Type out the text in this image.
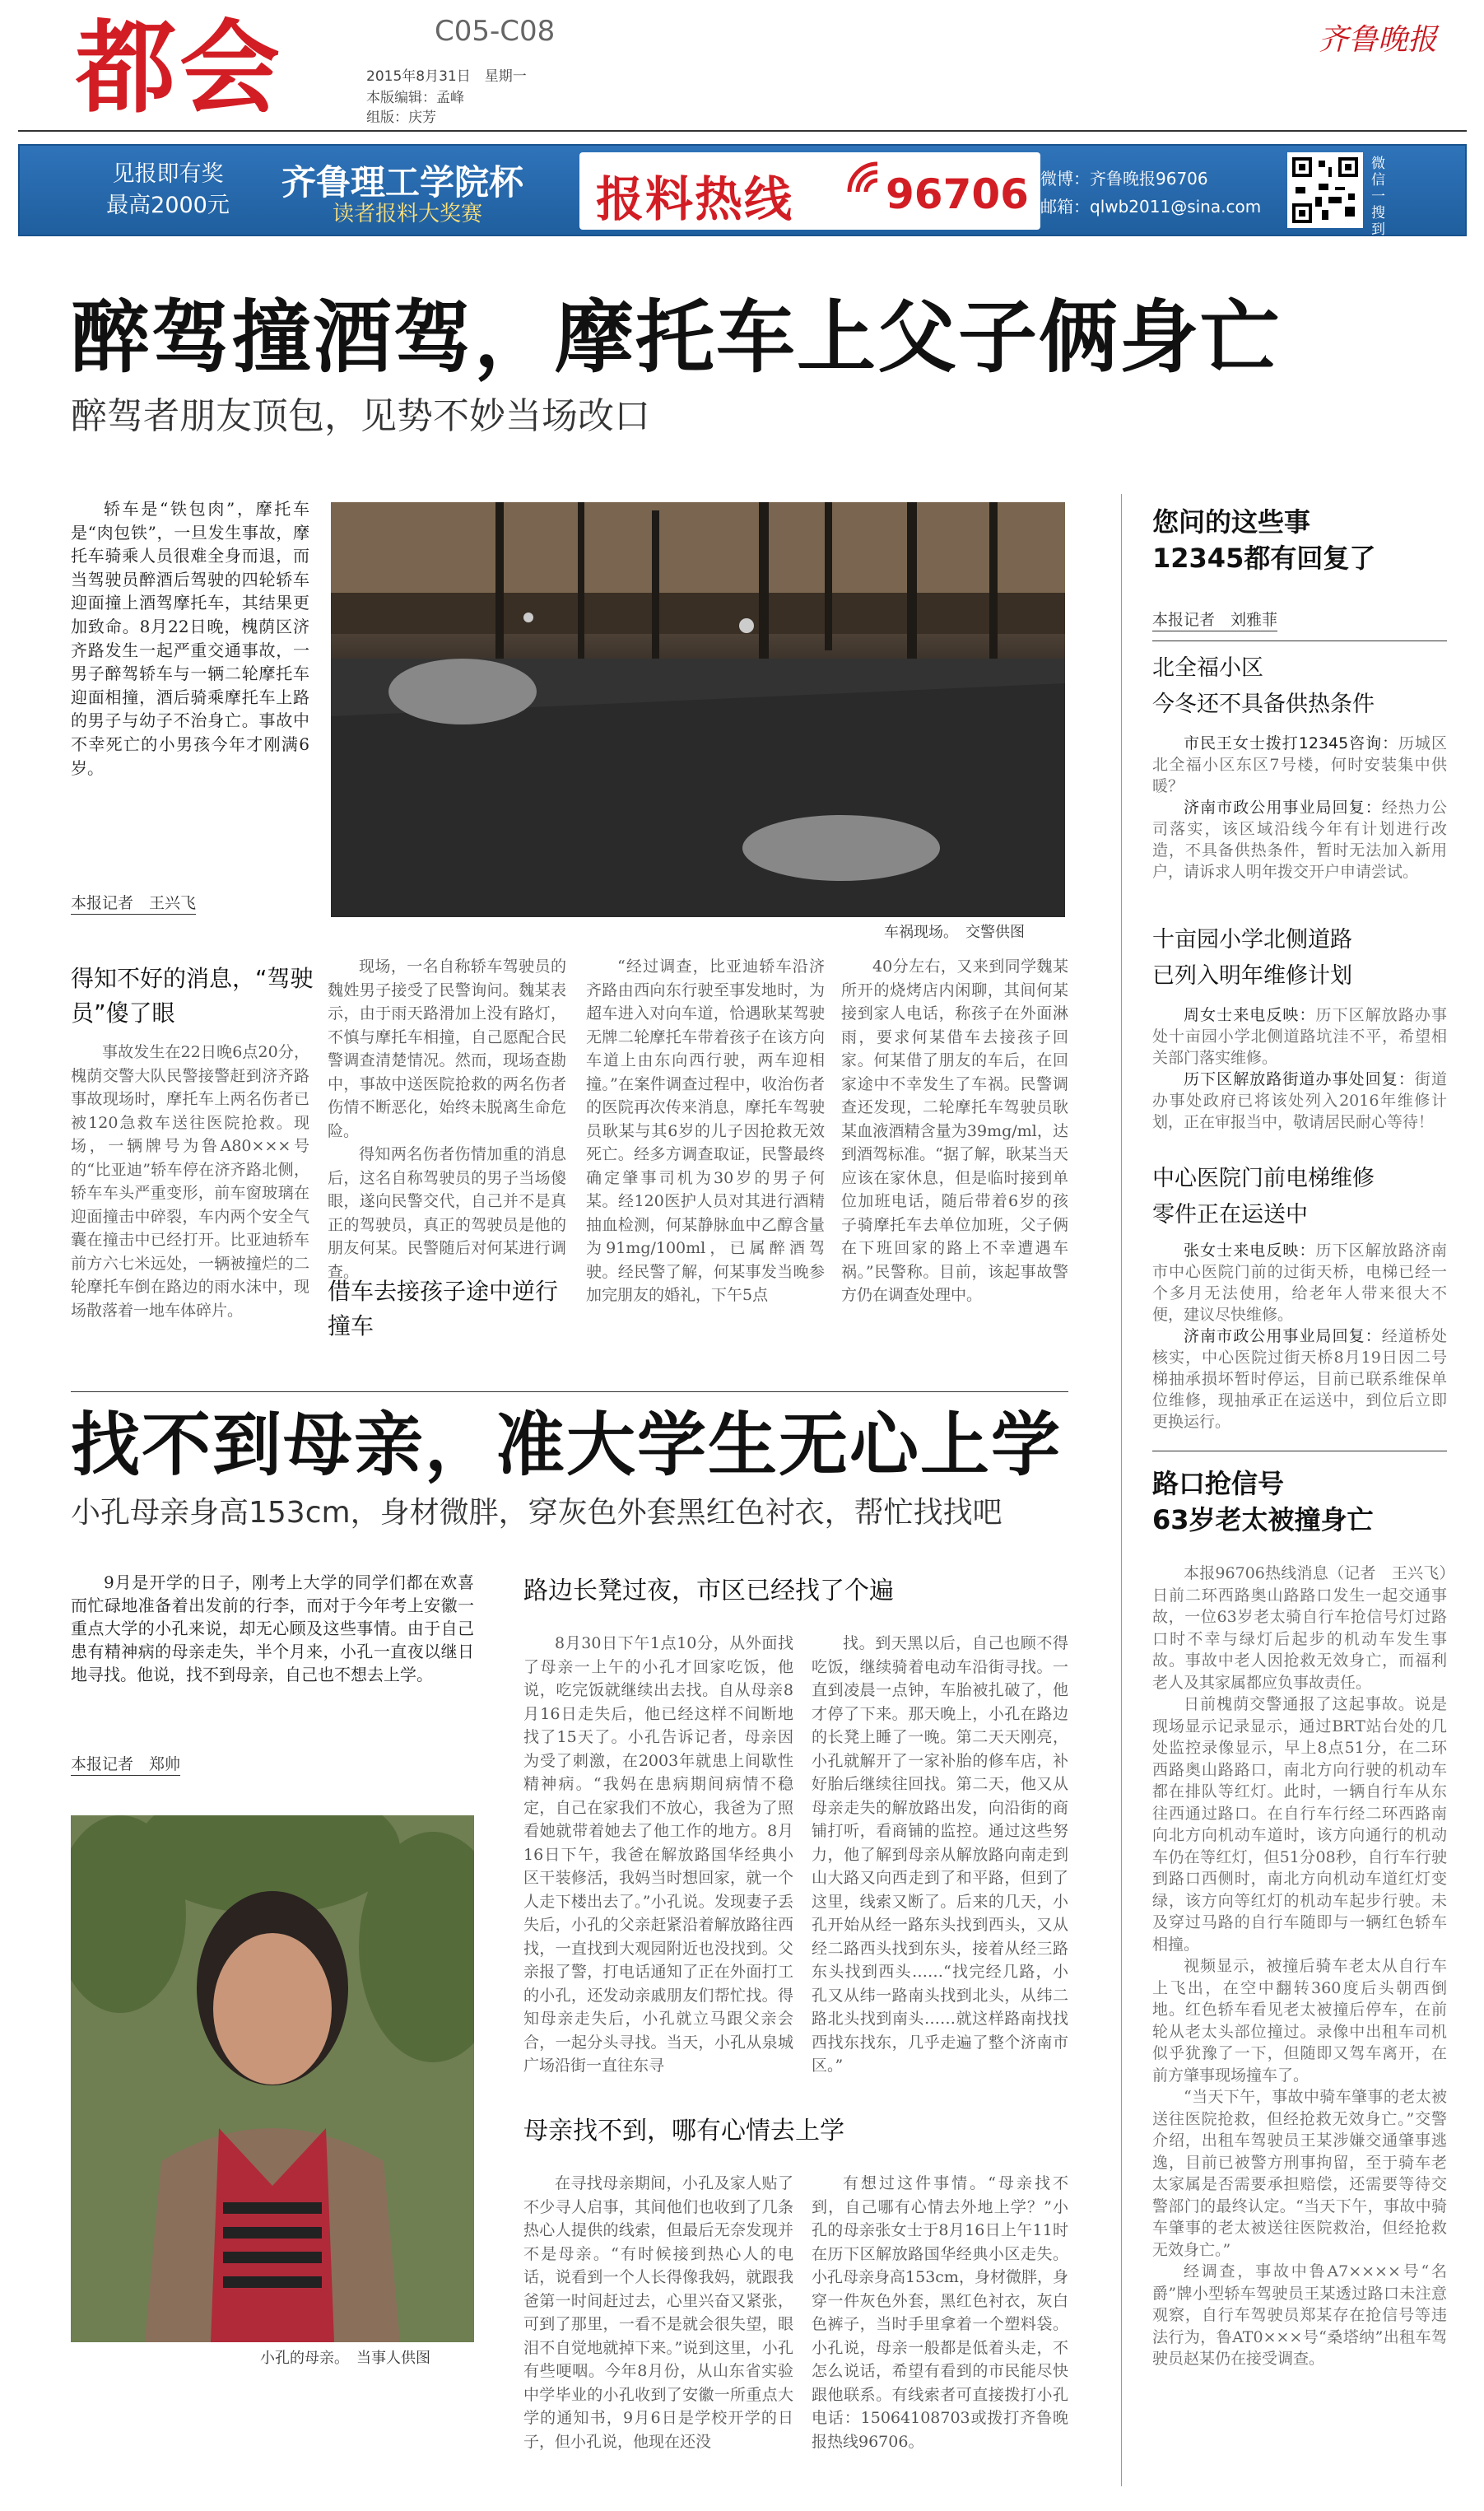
都会	C05-C08
2015年8月31日　星期一
本版编辑：孟峰
组版：庆芳
齐鲁晚报
见报即有奖
最高2000元
齐鲁理工学院杯
读者报料大奖赛 报料热线 96706 微博：齐鲁晚报96706
邮箱：qlwb2011@sina.com
微信一搜到
醉驾撞酒驾，摩托车上父子俩身亡
醉驾者朋友顶包，见势不妙当场改口

轿车是“铁包肉”，摩托车是“肉包铁”，一旦发生事故，摩托车骑乘人员很难全身而退，而当驾驶员醉酒后驾驶的四轮轿车迎面撞上酒驾摩托车，其结果更加致命。8月22日晚，槐荫区济齐路发生一起严重交通事故，一男子醉驾轿车与一辆二轮摩托车迎面相撞，酒后骑乘摩托车上路的男子与幼子不治身亡。事故中不幸死亡的小男孩今年才刚满6岁。

本报记者　王兴飞
车祸现场。　交警供图
得知不好的消息，“驾驶员”傻了眼

事故发生在22日晚6点20分，槐荫交警大队民警接警赶到济齐路事故现场时，摩托车上两名伤者已被120急救车送往医院抢救。现场，一辆牌号为鲁A80×××号的“比亚迪”轿车停在济齐路北侧，轿车车头严重变形，前车窗玻璃在迎面撞击中碎裂，车内两个安全气囊在撞击中已经打开。比亚迪轿车前方六七米远处，一辆被撞烂的二轮摩托车倒在路边的雨水沫中，现场散落着一地车体碎片。

现场，一名自称轿车驾驶员的魏姓男子接受了民警询问。魏某表示，由于雨天路滑加上没有路灯，不慎与摩托车相撞，自己愿配合民警调查清楚情况。然而，现场查勘中，事故中送医院抢救的两名伤者伤情不断恶化，始终未脱离生命危险。

得知两名伤者伤情加重的消息后，这名自称驾驶员的男子当场傻眼，遂向民警交代，自己并不是真正的驾驶员，真正的驾驶员是他的朋友何某。民警随后对何某进行调查。

借车去接孩子途中逆行撞车

“经过调查，比亚迪轿车沿济齐路由西向东行驶至事发地时，为超车进入对向车道，恰遇耿某驾驶无牌二轮摩托车带着孩子在该方向车道上由东向西行驶，两车迎相撞。”在案件调查过程中，收治伤者的医院再次传来消息，摩托车驾驶员耿某与其6岁的儿子因抢救无效死亡。经多方调查取证，民警最终确定肇事司机为30岁的男子何某。经120医护人员对其进行酒精抽血检测，何某静脉血中乙醇含量为91mg/100ml，已属醉酒驾驶。经民警了解，何某事发当晚参加完朋友的婚礼，下午5点

40分左右，又来到同学魏某所开的烧烤店内闲聊，其间何某接到家人电话，称孩子在外面淋雨，要求何某借车去接孩子回家。何某借了朋友的车后，在回家途中不幸发生了车祸。民警调查还发现，二轮摩托车驾驶员耿某血液酒精含量为39mg/ml，达到酒驾标准。“据了解，耿某当天应该在家休息，但是临时接到单位加班电话，随后带着6岁的孩子骑摩托车去单位加班，父子俩在下班回家的路上不幸遭遇车祸。”民警称。目前，该起事故警方仍在调查处理中。

找不到母亲，准大学生无心上学
小孔母亲身高153cm，身材微胖，穿灰色外套黑红色衬衣，帮忙找找吧

9月是开学的日子，刚考上大学的同学们都在欢喜而忙碌地准备着出发前的行李，而对于今年考上安徽一重点大学的小孔来说，却无心顾及这些事情。由于自己患有精神病的母亲走失，半个月来，小孔一直夜以继日地寻找。他说，找不到母亲，自己也不想去上学。

本报记者　郑帅
小孔的母亲。　当事人供图
路边长凳过夜，市区已经找了个遍

8月30日下午1点10分，从外面找了母亲一上午的小孔才回家吃饭，他说，吃完饭就继续出去找。自从母亲8月16日走失后，他已经这样不间断地找了15天了。小孔告诉记者，母亲因为受了刺激，在2003年就患上间歇性精神病。“我妈在患病期间病情不稳定，自己在家我们不放心，我爸为了照看她就带着她去了他工作的地方。8月16日下午，我爸在解放路国华经典小区干装修活，我妈当时想回家，就一个人走下楼出去了。”小孔说。发现妻子丢失后，小孔的父亲赶紧沿着解放路往西找，一直找到大观园附近也没找到。父亲报了警，打电话通知了正在外面打工的小孔，还发动亲戚朋友们帮忙找。得知母亲走失后，小孔就立马跟父亲会合，一起分头寻找。当天，小孔从泉城广场沿街一直往东寻

找。到天黑以后，自己也顾不得吃饭，继续骑着电动车沿街寻找。一直到凌晨一点钟，车胎被扎破了，他才停了下来。那天晚上，小孔在路边的长凳上睡了一晚。第二天天刚亮，小孔就解开了一家补胎的修车店，补好胎后继续往回找。第二天，他又从母亲走失的解放路出发，向沿街的商铺打听，看商铺的监控。通过这些努力，他了解到母亲从解放路向南走到山大路又向西走到了和平路，但到了这里，线索又断了。后来的几天，小孔开始从经一路东头找到西头，又从经二路西头找到东头，接着从经三路东头找到西头……“找完经几路，小孔又从纬一路南头找到北头，从纬二路北头找到南头……就这样路南找找西找东找东，几乎走遍了整个济南市区。”

母亲找不到，哪有心情去上学

在寻找母亲期间，小孔及家人贴了不少寻人启事，其间他们也收到了几条热心人提供的线索，但最后无奈发现并不是母亲。“有时候接到热心人的电话，说看到一个人长得像我妈，就跟我爸第一时间赶过去，心里兴奋又紧张，可到了那里，一看不是就会很失望，眼泪不自觉地就掉下来。”说到这里，小孔有些哽咽。今年8月份，从山东省实验中学毕业的小孔收到了安徽一所重点大学的通知书，9月6日是学校开学的日子，但小孔说，他现在还没

有想过这件事情。“母亲找不到，自己哪有心情去外地上学？”小孔的母亲张女士于8月16日上午11时在历下区解放路国华经典小区走失。小孔母亲身高153cm，身材微胖，身穿一件灰色外套，黑红色衬衣，灰白色裤子，当时手里拿着一个塑料袋。小孔说，母亲一般都是低着头走，不怎么说话，希望有看到的市民能尽快跟他联系。有线索者可直接拨打小孔电话：15064108703或拨打齐鲁晚报热线96706。

您问的这些事
12345都有回复了
本报记者　刘雅菲
北全福小区
今冬还不具备供热条件

市民王女士拨打12345咨询：历城区北全福小区东区7号楼，何时安装集中供暖？

济南市政公用事业局回复：经热力公司落实，该区域沿线今年有计划进行改造，不具备供热条件，暂时无法加入新用户，请诉求人明年拨交开户申请尝试。

十亩园小学北侧道路
已列入明年维修计划

周女士来电反映：历下区解放路办事处十亩园小学北侧道路坑洼不平，希望相关部门落实维修。

历下区解放路街道办事处回复：街道办事处政府已将该处列入2016年维修计划，正在审报当中，敬请居民耐心等待！

中心医院门前电梯维修
零件正在运送中

张女士来电反映：历下区解放路济南市中心医院门前的过街天桥，电梯已经一个多月无法使用，给老年人带来很大不便，建议尽快维修。

济南市政公用事业局回复：经道桥处核实，中心医院过街天桥8月19日因二号梯抽承损坏暂时停运，目前已联系维保单位维修，现抽承正在运送中，到位后立即更换运行。

路口抢信号
63岁老太被撞身亡

本报96706热线消息（记者　王兴飞）　日前二环西路奥山路路口发生一起交通事故，一位63岁老太骑自行车抢信号灯过路口时不幸与绿灯后起步的机动车发生事故。事故中老人因抢救无效身亡，而福利老人及其家属都应负事故责任。

日前槐荫交警通报了这起事故。说是现场显示记录显示，通过BRT站台处的几处监控录像显示，早上8点51分，在二环西路奥山路路口，南北方向行驶的机动车都在排队等红灯。此时，一辆自行车从东往西通过路口。在自行车行经二环西路南向北方向机动车道时，该方向通行的机动车仍在等红灯，但51分08秒，自行车行驶到路口西侧时，南北方向机动车道红灯变绿，该方向等红灯的机动车起步行驶。未及穿过马路的自行车随即与一辆红色轿车相撞。

视频显示，被撞后骑车老太从自行车上飞出，在空中翻转360度后头朝西倒地。红色轿车看见老太被撞后停车，在前轮从老太头部位撞过。录像中出租车司机似乎犹豫了一下，但随即又驾车离开，在前方肇事现场撞车了。

“当天下午，事故中骑车肇事的老太被送往医院抢救，但经抢救无效身亡。”交警介绍，出租车驾驶员王某涉嫌交通肇事逃逸，目前已被警方刑事拘留，至于骑车老太家属是否需要承担赔偿，还需要等待交警部门的最终认定。“当天下午，事故中骑车肇事的老太被送往医院救治，但经抢救无效身亡。”

经调查，事故中鲁A7××××号“名爵”牌小型轿车驾驶员王某透过路口未注意观察，自行车驾驶员郑某存在抢信号等违法行为，鲁AT0×××号“桑塔纳”出租车驾驶员赵某仍在接受调查。
